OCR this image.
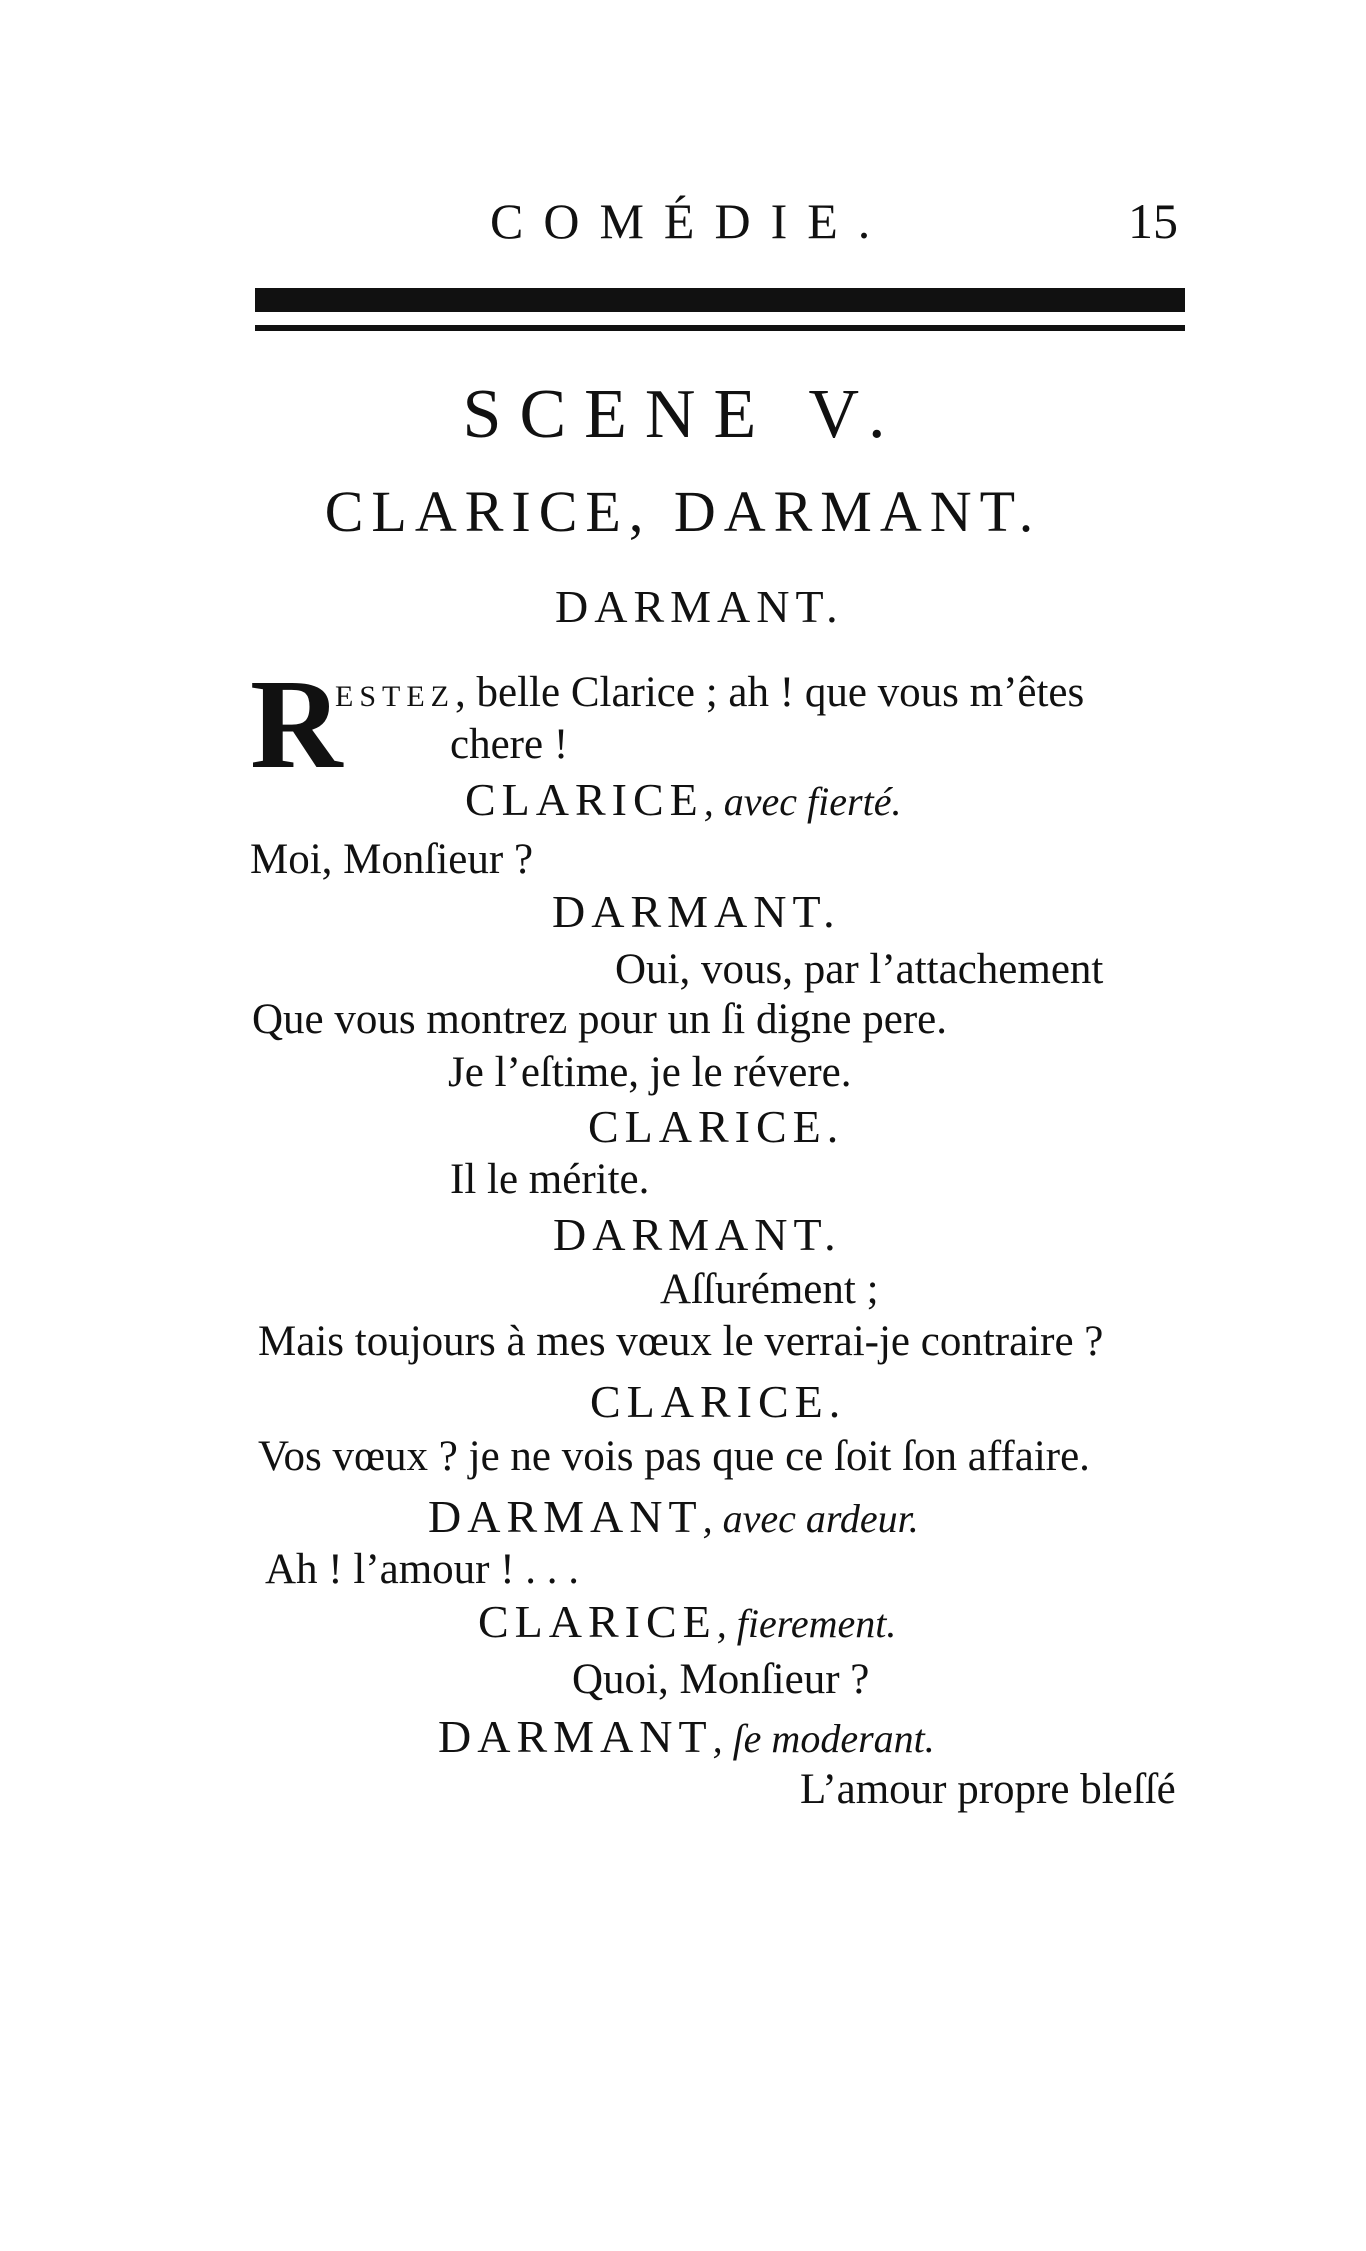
COMÉDIE.	15
SCENE V.
CLARICE, DARMANT.
DARMANT.
R
ESTEZ, belle Clarice ; ah ! que vous m’êtes
chere !
CLARICE, avec fierté.
Moi, Monſieur ?
DARMANT.
Oui, vous, par l’attachement
Que vous montrez pour un ſi digne pere.
Je l’eſtime, je le révere.
CLARICE.
Il le mérite.
DARMANT.
Aſſurément ;
Mais toujours à mes vœux le verrai-je contraire ?
CLARICE.
Vos vœux ? je ne vois pas que ce ſoit ſon affaire.
DARMANT, avec ardeur.
Ah ! l’amour ! . . .
CLARICE, fierement.
Quoi, Monſieur ?
DARMANT, ſe moderant.
L’amour propre bleſſé
